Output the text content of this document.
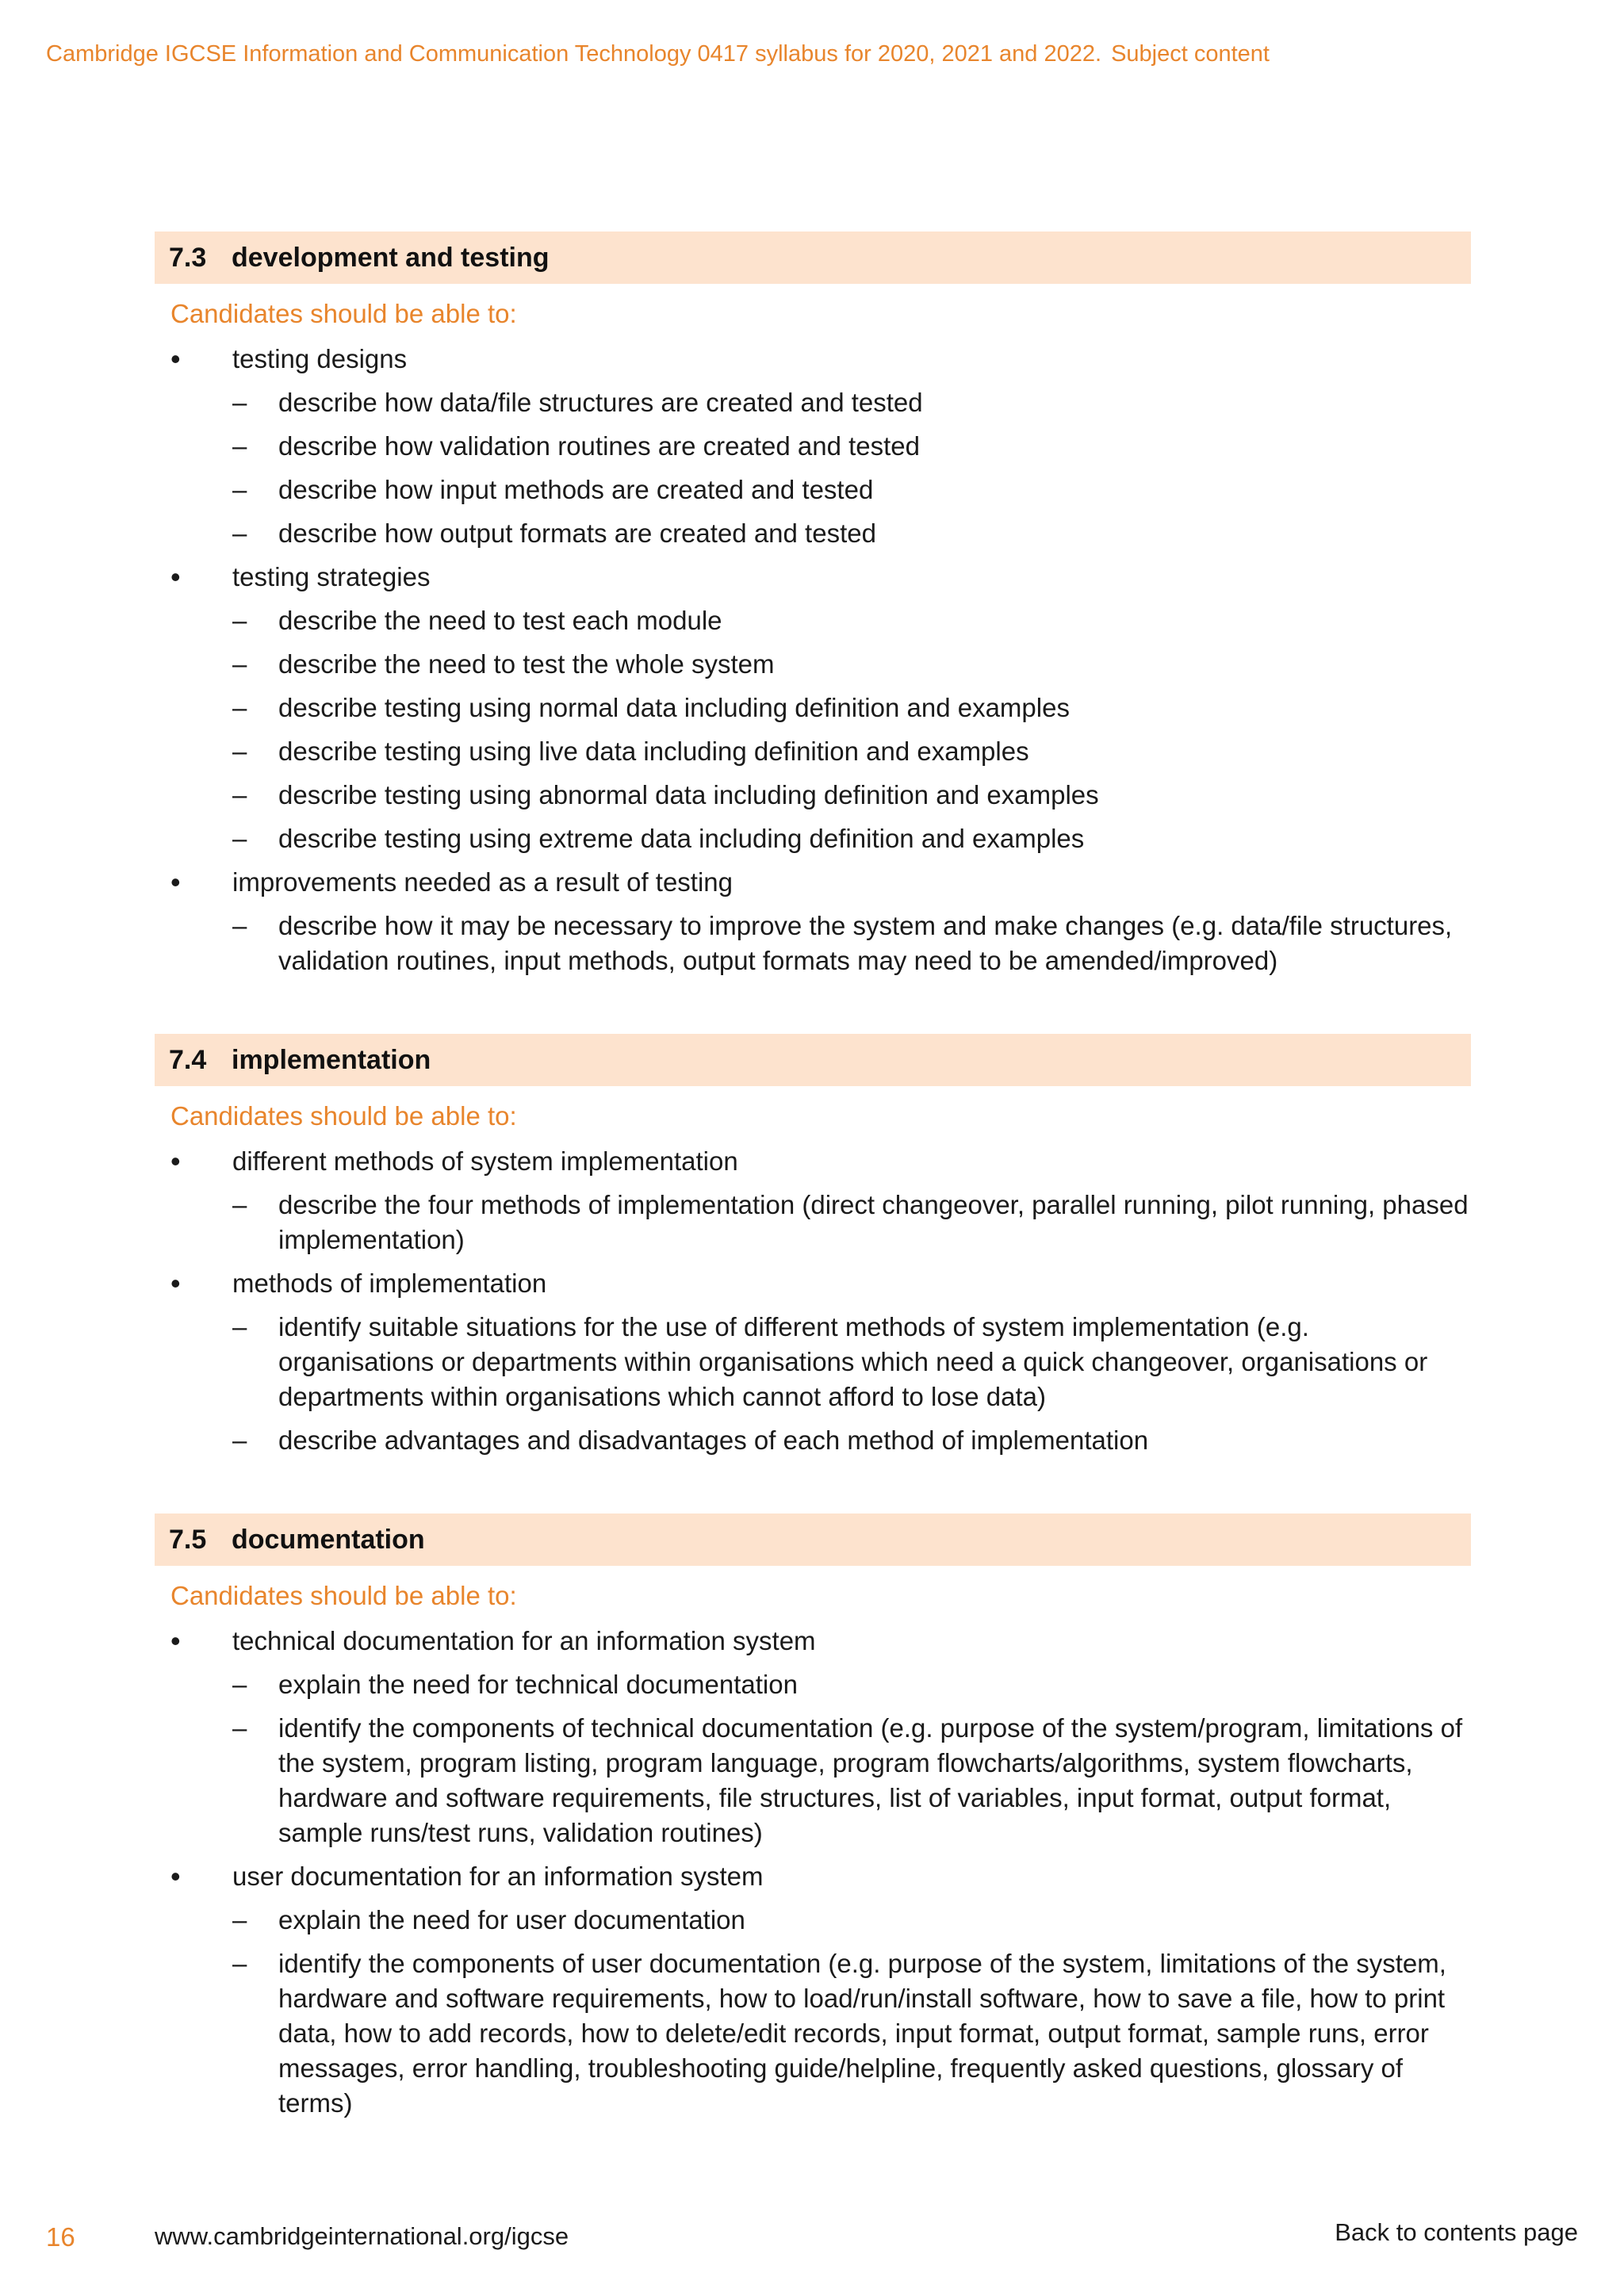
Cambridge IGCSE Information and Communication Technology 0417 syllabus for 2020, 2021 and 2022. Subject content
7.3 development and testing
Candidates should be able to:
• testing designs
– describe how data/file structures are created and tested
– describe how validation routines are created and tested
– describe how input methods are created and tested
– describe how output formats are created and tested
• testing strategies
– describe the need to test each module
– describe the need to test the whole system
– describe testing using normal data including definition and examples
– describe testing using live data including definition and examples
– describe testing using abnormal data including definition and examples
– describe testing using extreme data including definition and examples
• improvements needed as a result of testing
– describe how it may be necessary to improve the system and make changes (e.g. data/file structures, validation routines, input methods, output formats may need to be amended/improved)
7.4 implementation
Candidates should be able to:
• different methods of system implementation
– describe the four methods of implementation (direct changeover, parallel running, pilot running, phased implementation)
• methods of implementation
– identify suitable situations for the use of different methods of system implementation (e.g. organisations or departments within organisations which need a quick changeover, organisations or departments within organisations which cannot afford to lose data)
– describe advantages and disadvantages of each method of implementation
7.5 documentation
Candidates should be able to:
• technical documentation for an information system
– explain the need for technical documentation
– identify the components of technical documentation (e.g. purpose of the system/program, limitations of the system, program listing, program language, program flowcharts/algorithms, system flowcharts, hardware and software requirements, file structures, list of variables, input format, output format, sample runs/test runs, validation routines)
• user documentation for an information system
– explain the need for user documentation
– identify the components of user documentation (e.g. purpose of the system, limitations of the system, hardware and software requirements, how to load/run/install software, how to save a file, how to print data, how to add records, how to delete/edit records, input format, output format, sample runs, error messages, error handling, troubleshooting guide/helpline, frequently asked questions, glossary of terms)
16	www.cambridgeinternational.org/igcse	Back to contents page
